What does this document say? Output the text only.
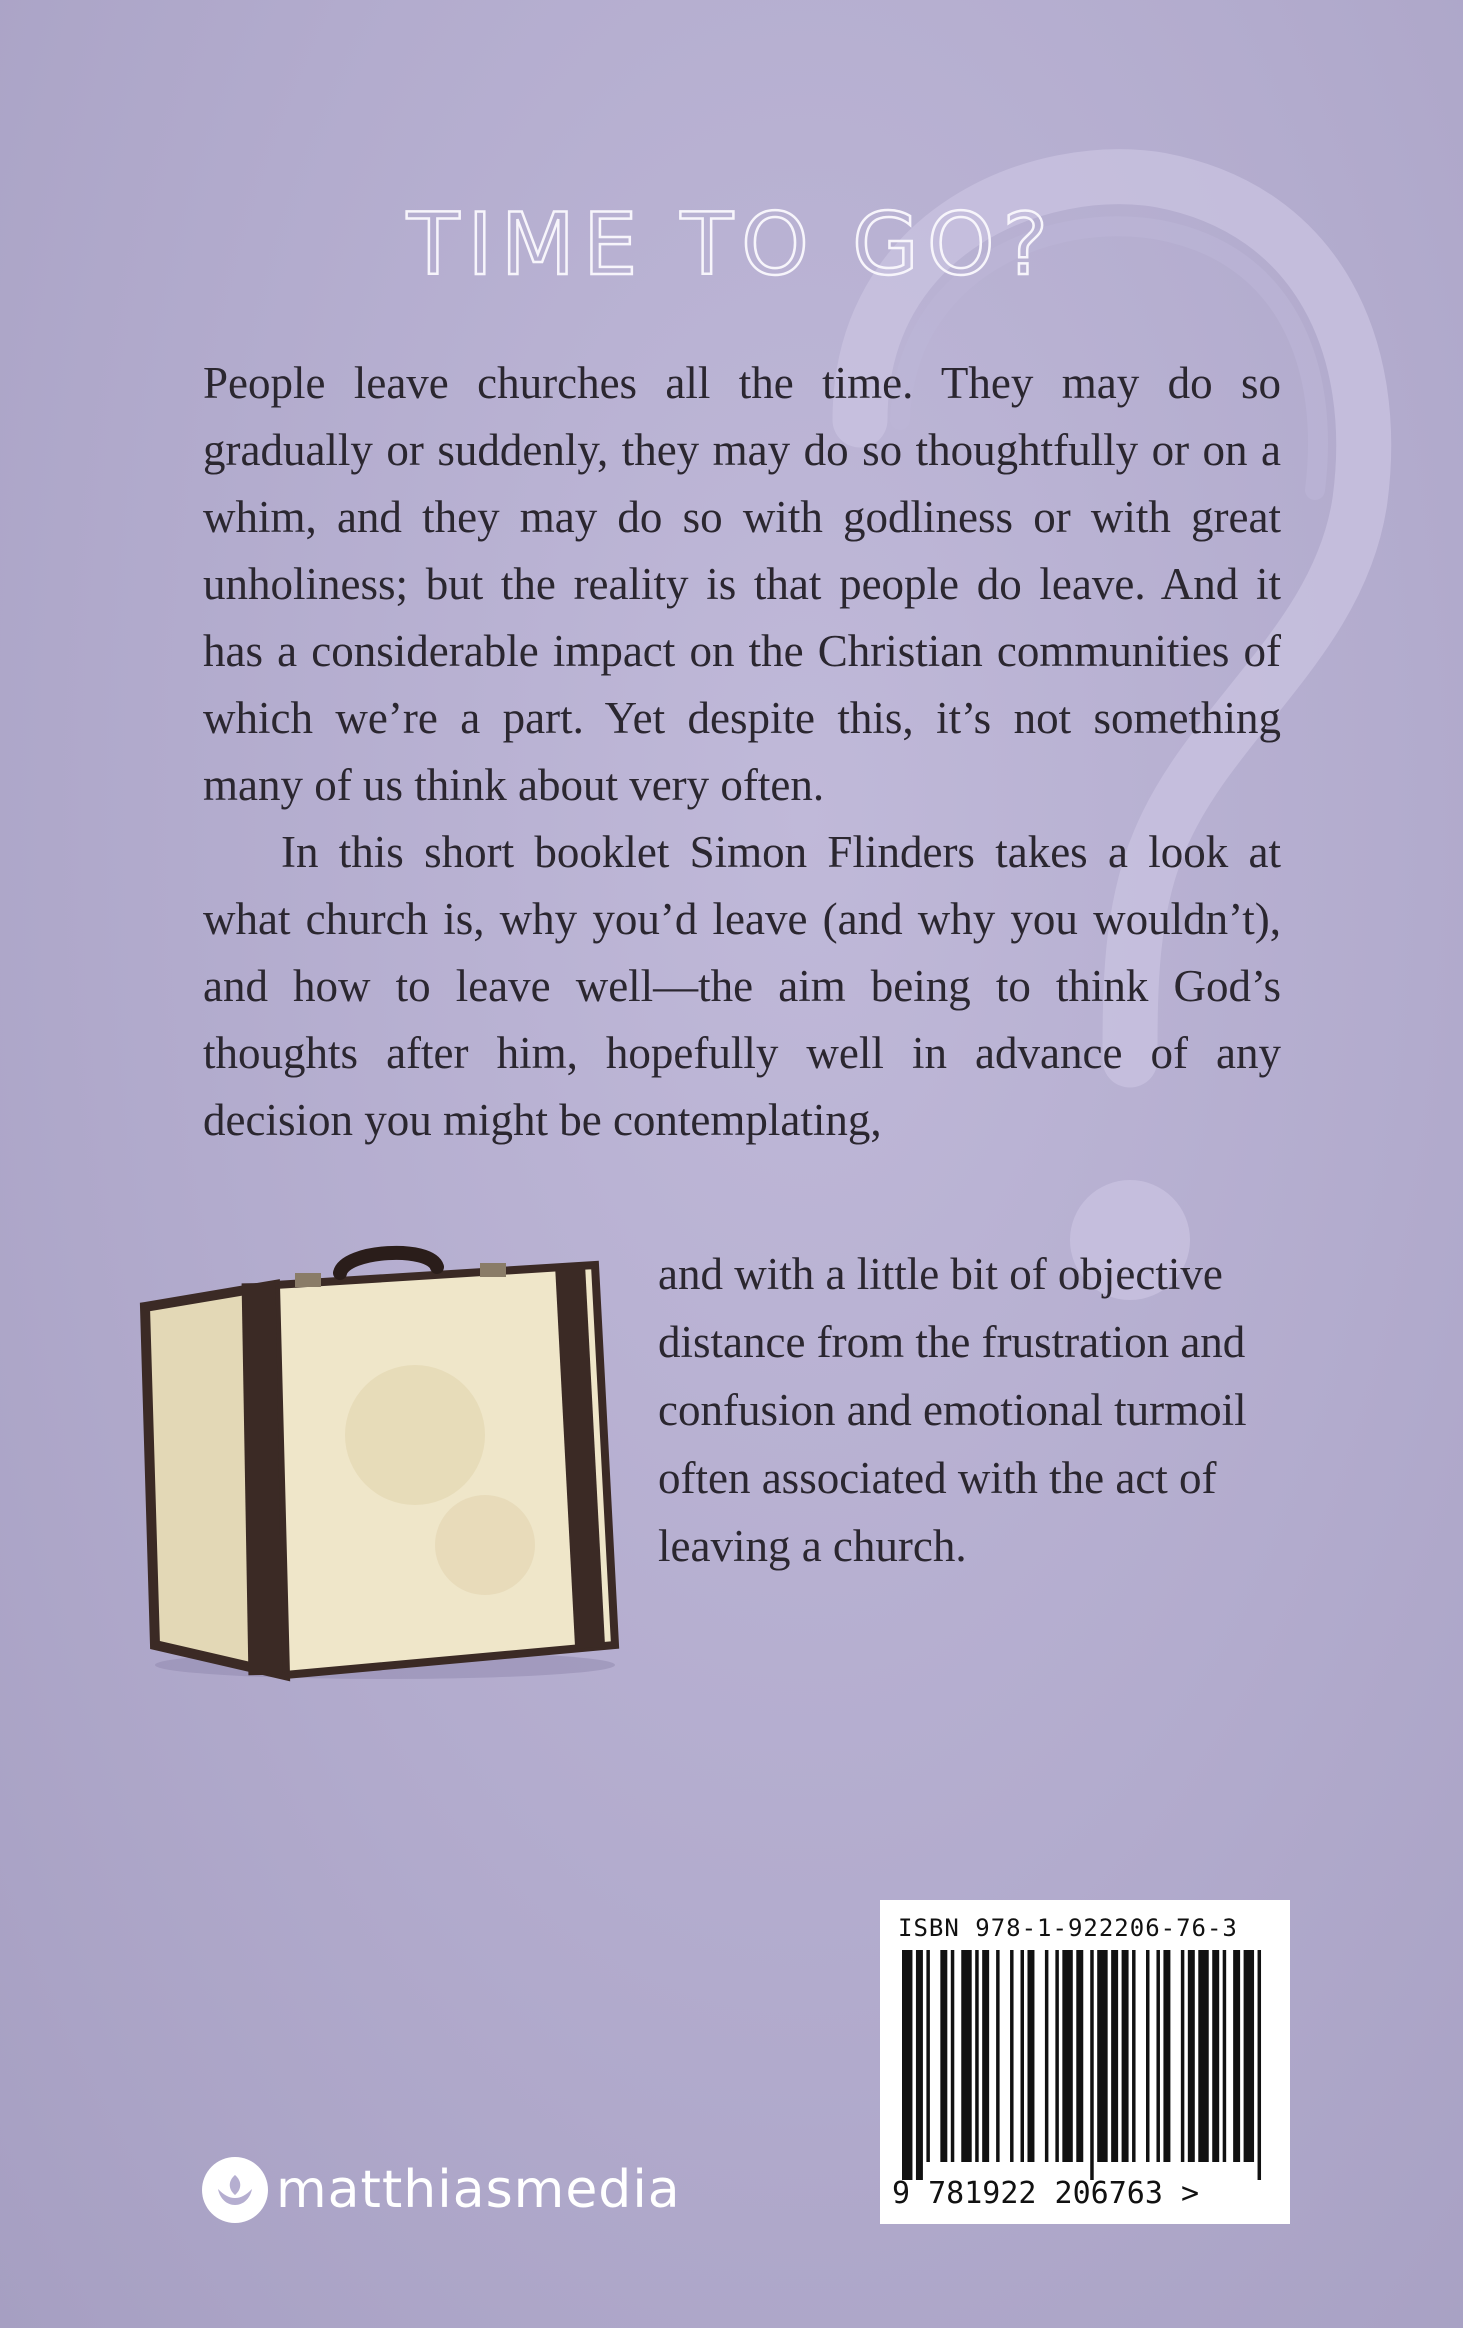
TIME TO GO?

People leave churches all the time. They may do so gradually or suddenly, they may do so thoughtfully or on a whim, and they may do so with godliness or with great unholiness; but the reality is that people do leave. And it has a considerable impact on the Christian communities of which we’re a part. Yet despite this, it’s not something many of us think about very often.

In this short booklet Simon Flinders takes a look at what church is, why you’d leave (and why you wouldn’t), and how to leave well—the aim being to think God’s thoughts after him, hopefully well in advance of any decision you might be contemplating,

and with a little bit of objective distance from the frustration and confusion and emotional turmoil often associated with the act of leaving a church.

matthiasmedia
ISBN 978-1-922206-76-3
9 781922 206763 >
